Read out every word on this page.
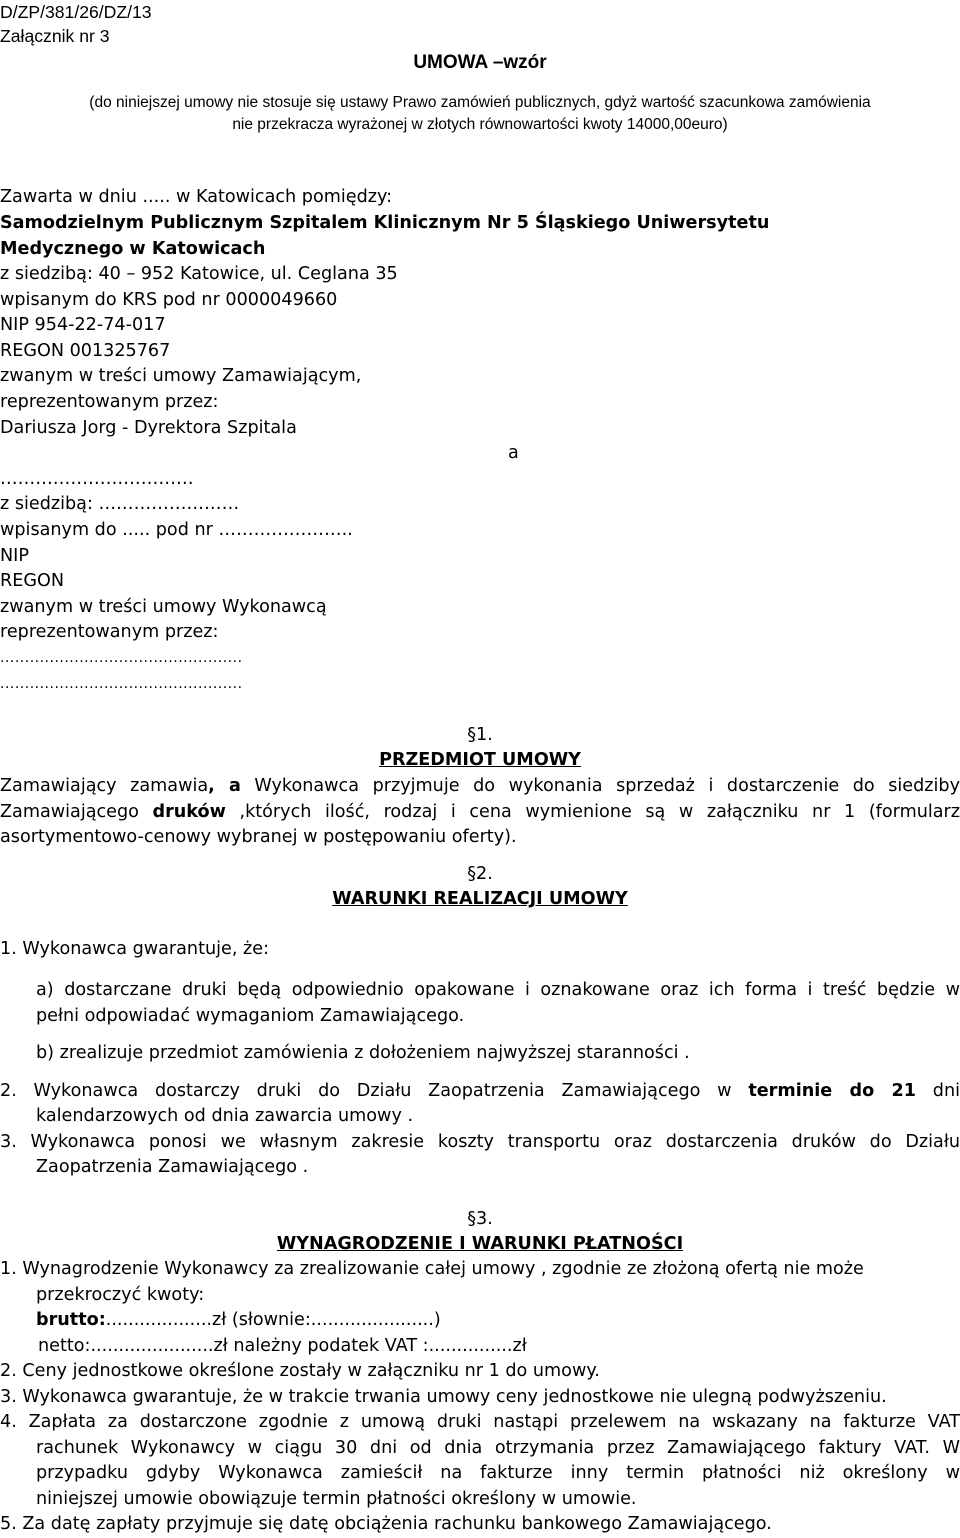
D/ZP/381/26/DZ/13
Załącznik nr 3
UMOWA –wzór
(do niniejszej umowy nie stosuje się ustawy Prawo zamówień publicznych, gdyż wartość szacunkowa zamówienia
nie przekracza wyrażonej w złotych równowartości kwoty 14000,00euro)
Zawarta w dniu ..... w Katowicach pomiędzy:
Samodzielnym Publicznym Szpitalem Klinicznym Nr 5 Śląskiego Uniwersytetu
Medycznego w Katowicach
z siedzibą: 40 – 952 Katowice, ul. Ceglana 35
wpisanym do KRS pod nr 0000049660
NIP 954-22-74-017
REGON 001325767
zwanym w treści umowy Zamawiającym,
reprezentowanym przez:
Dariusza Jorg - Dyrektora Szpitala
a
……………………………
z siedzibą: ……………………
wpisanym do ..... pod nr …………………..
NIP
REGON
zwanym w treści umowy Wykonawcą
reprezentowanym przez:
.................................................
.................................................
§1.
PRZEDMIOT UMOWY
Zamawiający zamawia, a Wykonawca przyjmuje do wykonania sprzedaż i dostarczenie do siedziby
Zamawiającego druków ,których ilość, rodzaj i cena wymienione są w załączniku nr 1 (formularz
asortymentowo-cenowy wybranej w postępowaniu oferty).
§2.
WARUNKI REALIZACJI UMOWY
1. Wykonawca gwarantuje, że:
a) dostarczane druki będą odpowiednio opakowane i oznakowane oraz ich forma i treść będzie w
pełni odpowiadać wymaganiom Zamawiającego.
b) zrealizuje przedmiot zamówienia z dołożeniem najwyższej staranności .
2. Wykonawca dostarczy druki do Działu Zaopatrzenia Zamawiającego w terminie do 21 dni
kalendarzowych od dnia zawarcia umowy .
3. Wykonawca ponosi we własnym zakresie koszty transportu oraz dostarczenia druków do Działu
Zaopatrzenia Zamawiającego .
§3.
WYNAGRODZENIE I WARUNKI PŁATNOŚCI
1. Wynagrodzenie Wykonawcy za zrealizowanie całej umowy , zgodnie ze złożoną ofertą nie może
przekroczyć kwoty:
brutto:...................zł (słownie:......................)
netto:......................zł należny podatek VAT :...............zł
2. Ceny jednostkowe określone zostały w załączniku nr 1 do umowy.
3. Wykonawca gwarantuje, że w trakcie trwania umowy ceny jednostkowe nie ulegną podwyższeniu.
4. Zapłata za dostarczone zgodnie z umową druki nastąpi przelewem na wskazany na fakturze VAT
rachunek Wykonawcy w ciągu 30 dni od dnia otrzymania przez Zamawiającego faktury VAT. W
przypadku gdyby Wykonawca zamieścił na fakturze inny termin płatności niż określony w
niniejszej umowie obowiązuje termin płatności określony w umowie.
5. Za datę zapłaty przyjmuje się datę obciążenia rachunku bankowego Zamawiającego.
